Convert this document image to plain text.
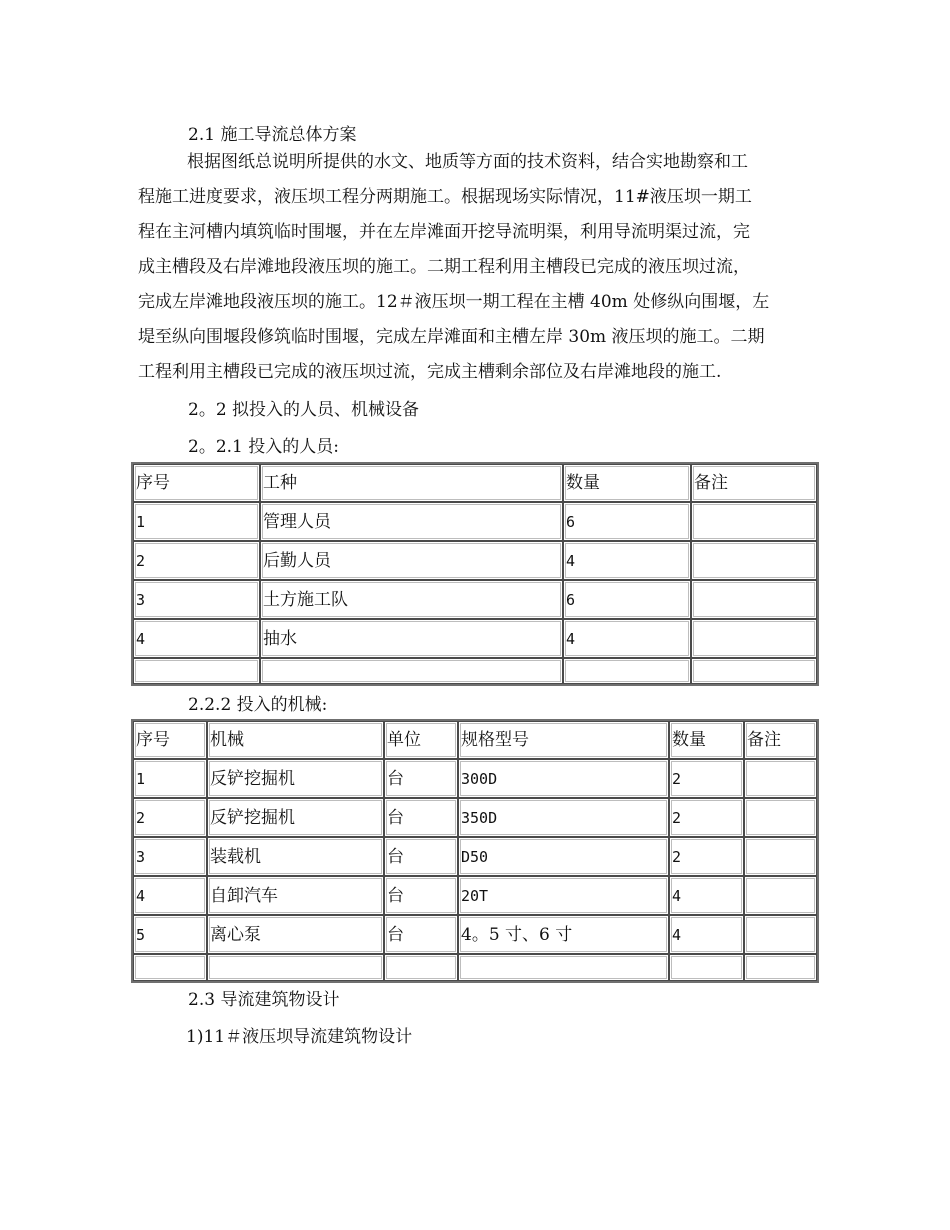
2.1 施工导流总体方案
根据图纸总说明所提供的水文、地质等方面的技术资料，结合实地勘察和工
程施工进度要求，液压坝工程分两期施工。根据现场实际情况，11#液压坝一期工
程在主河槽内填筑临时围堰，并在左岸滩面开挖导流明渠，利用导流明渠过流，完
成主槽段及右岸滩地段液压坝的施工。二期工程利用主槽段已完成的液压坝过流，
完成左岸滩地段液压坝的施工。12＃液压坝一期工程在主槽 40m 处修纵向围堰，左
堤至纵向围堰段修筑临时围堰，完成左岸滩面和主槽左岸 30m 液压坝的施工。二期
工程利用主槽段已完成的液压坝过流，完成主槽剩余部位及右岸滩地段的施工.
2。2 拟投入的人员、机械设备
2。2.1 投入的人员:
序号	工种	数量	备注
1	管理人员	6	
2	后勤人员	4	
3	土方施工队	6	
4	抽水	4	

2.2.2 投入的机械:
序号	机械	单位	规格型号	数量	备注
1	反铲挖掘机	台	300D	2	
2	反铲挖掘机	台	350D	2	
3	装载机	台	D50	2	
4	自卸汽车	台	20T	4	
5	离心泵	台	4。5 寸、6 寸	4	

2.3 导流建筑物设计
1)11＃液压坝导流建筑物设计
